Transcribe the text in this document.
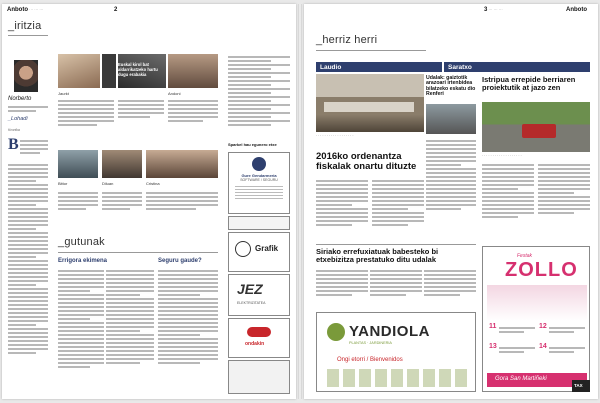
Anboto ··· ··· ···	2
_iritzia
Norberto
_Lohadi
Kronika
B
Jaurkt	Andoni
Euskal kirol bat aldarrikatzeko hartu dugu erabakia
Bittor	Diluan	Cristina
_gutunak
Errigora ekimena	Seguru gaude?
Sparkel hau egunero etxe
Gure Gendarmeria
SOFTWARE / SEGURU
Grafik
JEZ
ELEKTRIZITATEA
ondakin
3 ··· ··· ···	Anboto
_herriz herri
Laudio	Saratxo
· · · · · · · · · · · · · · · · · ·
Udalak: gaiztotik arazoari irtenbidea bilatzeko eskatu dio Renferi
2016ko ordenantza fiskalak onartu dituzte
Istripua errepide berriaren proiektutik at jazo zen
· · · · · · · · · · · · · · · · · · ·
Siriako errefuxiatuak babesteko bi etxebizitza prestatuko ditu udalak
YANDIOLA
PLANTAS · JARDINERIA
Ongi etorri / Bienvenidos
Festak
ZOLLO
11	12
13	14
Gora San Martiñeki
TAX
